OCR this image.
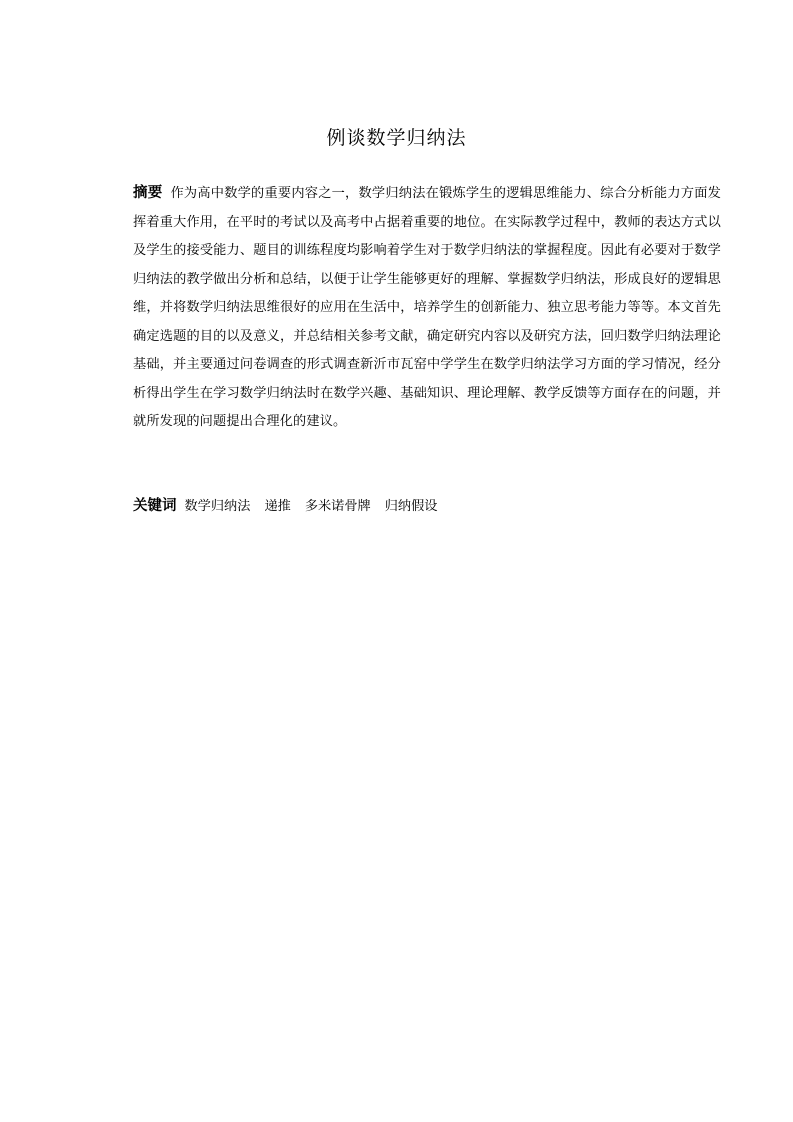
例谈数学归纳法
摘要 作为高中数学的重要内容之一，数学归纳法在锻炼学生的逻辑思维能力、综合分析能力方面发挥着重大作用，在平时的考试以及高考中占据着重要的地位。在实际教学过程中，教师的表达方式以及学生的接受能力、题目的训练程度均影响着学生对于数学归纳法的掌握程度。因此有必要对于数学归纳法的教学做出分析和总结，以便于让学生能够更好的理解、掌握数学归纳法，形成良好的逻辑思维，并将数学归纳法思维很好的应用在生活中，培养学生的创新能力、独立思考能力等等。本文首先确定选题的目的以及意义，并总结相关参考文献，确定研究内容以及研究方法，回归数学归纳法理论基础，并主要通过问卷调查的形式调查新沂市瓦窑中学学生在数学归纳法学习方面的学习情况，经分析得出学生在学习数学归纳法时在数学兴趣、基础知识、理论理解、教学反馈等方面存在的问题，并就所发现的问题提出合理化的建议。
关键词 数学归纳法 递推 多米诺骨牌 归纳假设
